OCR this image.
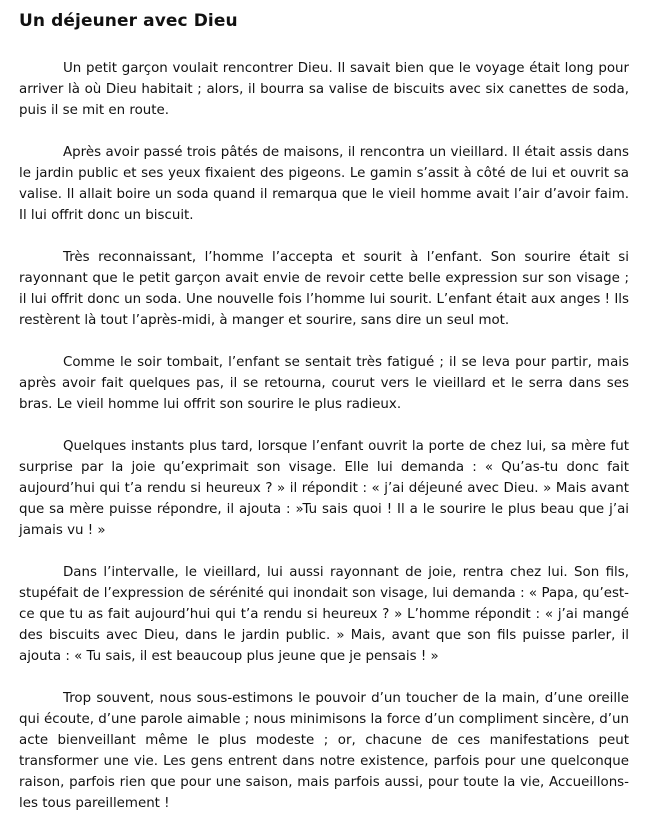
Un déjeuner avec Dieu

Un petit garçon voulait rencontrer Dieu. Il savait bien que le voyage était long pour arriver là où Dieu habitait ; alors, il bourra sa valise de biscuits avec six canettes de soda, puis il se mit en route.

Après avoir passé trois pâtés de maisons, il rencontra un vieillard. Il était assis dans le jardin public et ses yeux fixaient des pigeons. Le gamin s’assit à côté de lui et ouvrit sa valise. Il allait boire un soda quand il remarqua que le vieil homme avait l’air d’avoir faim. Il lui offrit donc un biscuit.

Très reconnaissant, l’homme l’accepta et sourit à l’enfant. Son sourire était si rayonnant que le petit garçon avait envie de revoir cette belle expression sur son visage ; il lui offrit donc un soda. Une nouvelle fois l’homme lui sourit. L’enfant était aux anges ! Ils restèrent là tout l’après-midi, à manger et sourire, sans dire un seul mot.

Comme le soir tombait, l’enfant se sentait très fatigué ; il se leva pour partir, mais après avoir fait quelques pas, il se retourna, courut vers le vieillard et le serra dans ses bras. Le vieil homme lui offrit son sourire le plus radieux.

Quelques instants plus tard, lorsque l’enfant ouvrit la porte de chez lui, sa mère fut surprise par la joie qu’exprimait son visage. Elle lui demanda : « Qu’as-tu donc fait aujourd’hui qui t’a rendu si heureux ? » il répondit : « j’ai déjeuné avec Dieu. » Mais avant que sa mère puisse répondre, il ajouta : »Tu sais quoi ! Il a le sourire le plus beau que j’ai jamais vu ! »

Dans l’intervalle, le vieillard, lui aussi rayonnant de joie, rentra chez lui. Son fils, stupéfait de l’expression de sérénité qui inondait son visage, lui demanda : « Papa, qu’est-ce que tu as fait aujourd’hui qui t’a rendu si heureux ? » L’homme répondit : « j’ai mangé des biscuits avec Dieu, dans le jardin public. » Mais, avant que son fils puisse parler, il ajouta : « Tu sais, il est beaucoup plus jeune que je pensais ! »

Trop souvent, nous sous-estimons le pouvoir d’un toucher de la main, d’une oreille qui écoute, d’une parole aimable ; nous minimisons la force d’un compliment sincère, d’un acte bienveillant même le plus modeste ; or, chacune de ces manifestations peut transformer une vie. Les gens entrent dans notre existence, parfois pour une quelconque raison, parfois rien que pour une saison, mais parfois aussi, pour toute la vie, Accueillons-les tous pareillement !
